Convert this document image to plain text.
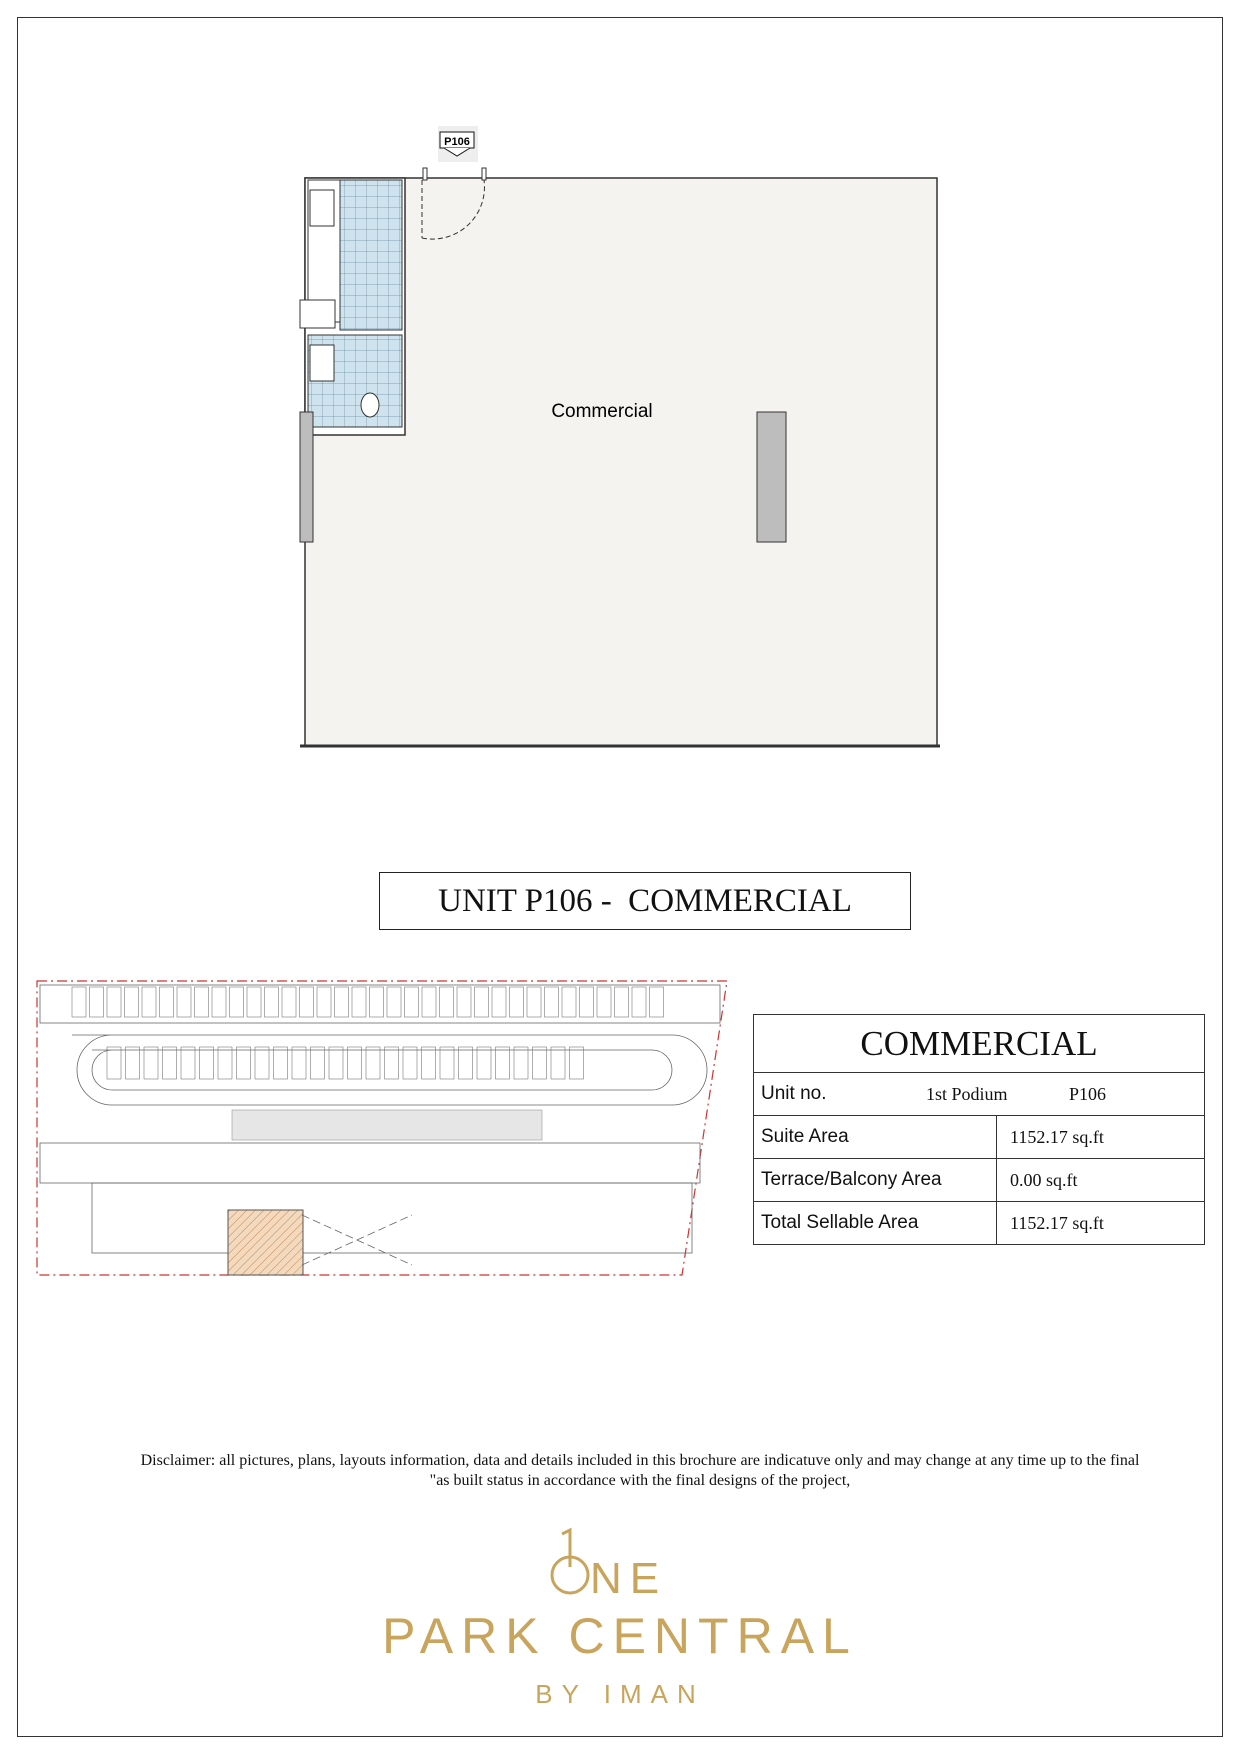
P106
Commercial
UNIT P106 -  COMMERCIAL
COMMERCIAL	

Unit no. 1st Podium P106	

Suite Area	1152.17 sq.ft
Terrace/Balcony Area	0.00 sq.ft
Total Sellable Area	1152.17 sq.ft
Disclaimer: all pictures, plans, layouts information, data and details included in this brochure are indicatuve only and may change at any time up to the final
"as built status in accordance with the final designs of the project,
NE
PARK CENTRAL
BY IMAN
